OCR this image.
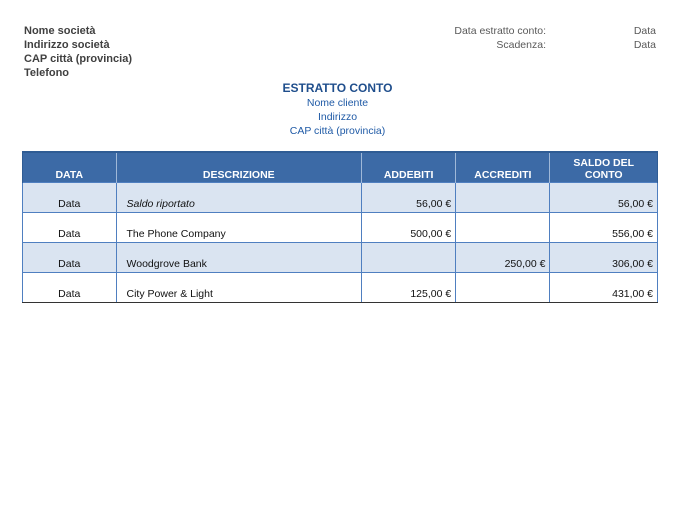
Nome società
Indirizzo società
CAP città (provincia)
Telefono
Data estratto conto:	Data
Scadenza:	Data
ESTRATTO CONTO
Nome cliente
Indirizzo
CAP città (provincia)
DATA	DESCRIZIONE	ADDEBITI	ACCREDITI	SALDO DEL CONTO
Data	Saldo riportato	56,00 €		56,00 €
Data	The Phone Company	500,00 €		556,00 €
Data	Woodgrove Bank		250,00 €	306,00 €
Data	City Power & Light	125,00 €		431,00 €
